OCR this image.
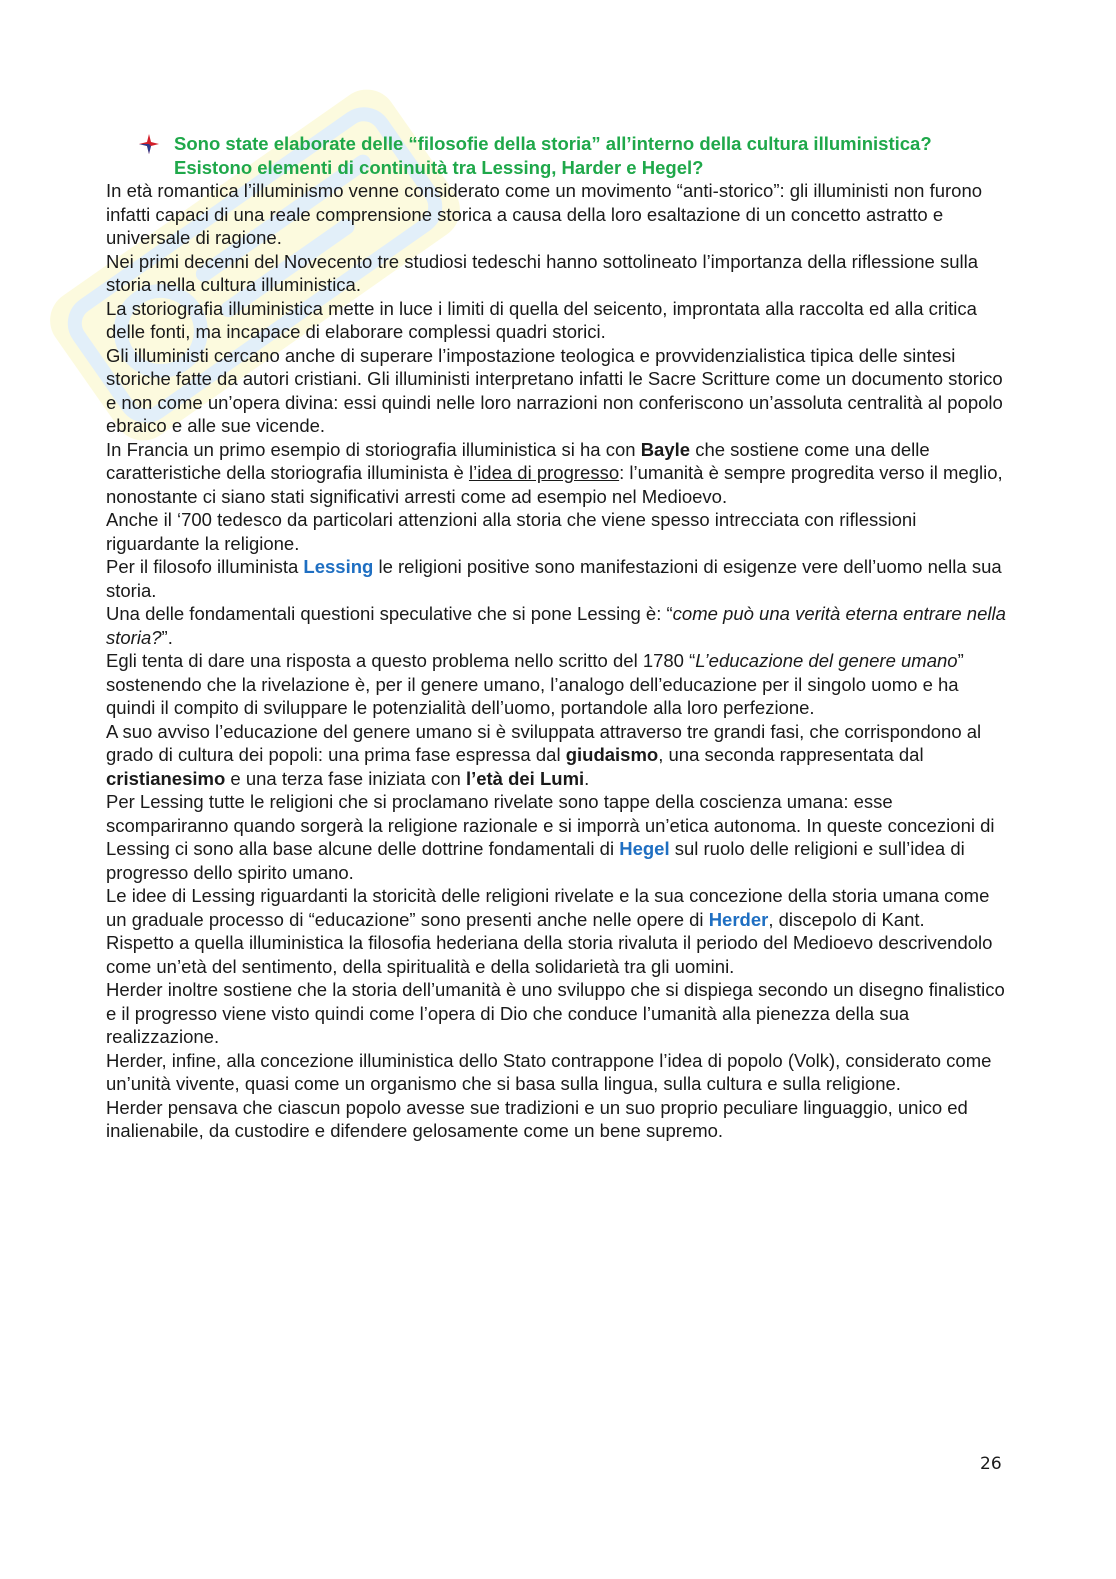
Sono state elaborate delle “filosofie della storia” all’interno della cultura illuministica? Esistono elementi di continuità tra Lessing, Harder e Hegel?

In età romantica l’illuminismo venne considerato come un movimento “anti-storico”: gli illuministi non furono infatti capaci di una reale comprensione storica a causa della loro esaltazione di un concetto astratto e universale di ragione.

Nei primi decenni del Novecento tre studiosi tedeschi hanno sottolineato l’importanza della riflessione sulla storia nella cultura illuministica.

La storiografia illuministica mette in luce i limiti di quella del seicento, improntata alla raccolta ed alla critica delle fonti, ma incapace di elaborare complessi quadri storici.

Gli illuministi cercano anche di superare l’impostazione teologica e provvidenzialistica tipica delle sintesi storiche fatte da autori cristiani. Gli illuministi interpretano infatti le Sacre Scritture come un documento storico e non come un’opera divina: essi quindi nelle loro narrazioni non conferiscono un’assoluta centralità al popolo ebraico e alle sue vicende.

In Francia un primo esempio di storiografia illuministica si ha con Bayle che sostiene come una delle caratteristiche della storiografia illuminista è l’idea di progresso: l’umanità è sempre progredita verso il meglio, nonostante ci siano stati significativi arresti come ad esempio nel Medioevo.

Anche il ‘700 tedesco da particolari attenzioni alla storia che viene spesso intrecciata con riflessioni riguardante la religione.

Per il filosofo illuminista Lessing le religioni positive sono manifestazioni di esigenze vere dell’uomo nella sua storia.

Una delle fondamentali questioni speculative che si pone Lessing è: “come può una verità eterna entrare nella storia?”.

Egli tenta di dare una risposta a questo problema nello scritto del 1780 “L’educazione del genere umano” sostenendo che la rivelazione è, per il genere umano, l’analogo dell’educazione per il singolo uomo e ha quindi il compito di sviluppare le potenzialità dell’uomo, portandole alla loro perfezione.

A suo avviso l’educazione del genere umano si è sviluppata attraverso tre grandi fasi, che corrispondono al grado di cultura dei popoli: una prima fase espressa dal giudaismo, una seconda rappresentata dal cristianesimo e una terza fase iniziata con l’età dei Lumi.

Per Lessing tutte le religioni che si proclamano rivelate sono tappe della coscienza umana: esse scompariranno quando sorgerà la religione razionale e si imporrà un’etica autonoma. In queste concezioni di Lessing ci sono alla base alcune delle dottrine fondamentali di Hegel sul ruolo delle religioni e sull’idea di progresso dello spirito umano.

Le idee di Lessing riguardanti la storicità delle religioni rivelate e la sua concezione della storia umana come un graduale processo di “educazione” sono presenti anche nelle opere di Herder, discepolo di Kant.

Rispetto a quella illuministica la filosofia hederiana della storia rivaluta il periodo del Medioevo descrivendolo come un’età del sentimento, della spiritualità e della solidarietà tra gli uomini.

Herder inoltre sostiene che la storia dell’umanità è uno sviluppo che si dispiega secondo un disegno finalistico e il progresso viene visto quindi come l’opera di Dio che conduce l’umanità alla pienezza della sua realizzazione.

Herder, infine, alla concezione illuministica dello Stato contrappone l’idea di popolo (Volk), considerato come un’unità vivente, quasi come un organismo che si basa sulla lingua, sulla cultura e sulla religione.

Herder pensava che ciascun popolo avesse sue tradizioni e un suo proprio peculiare linguaggio, unico ed inalienabile, da custodire e difendere gelosamente come un bene supremo.

26
